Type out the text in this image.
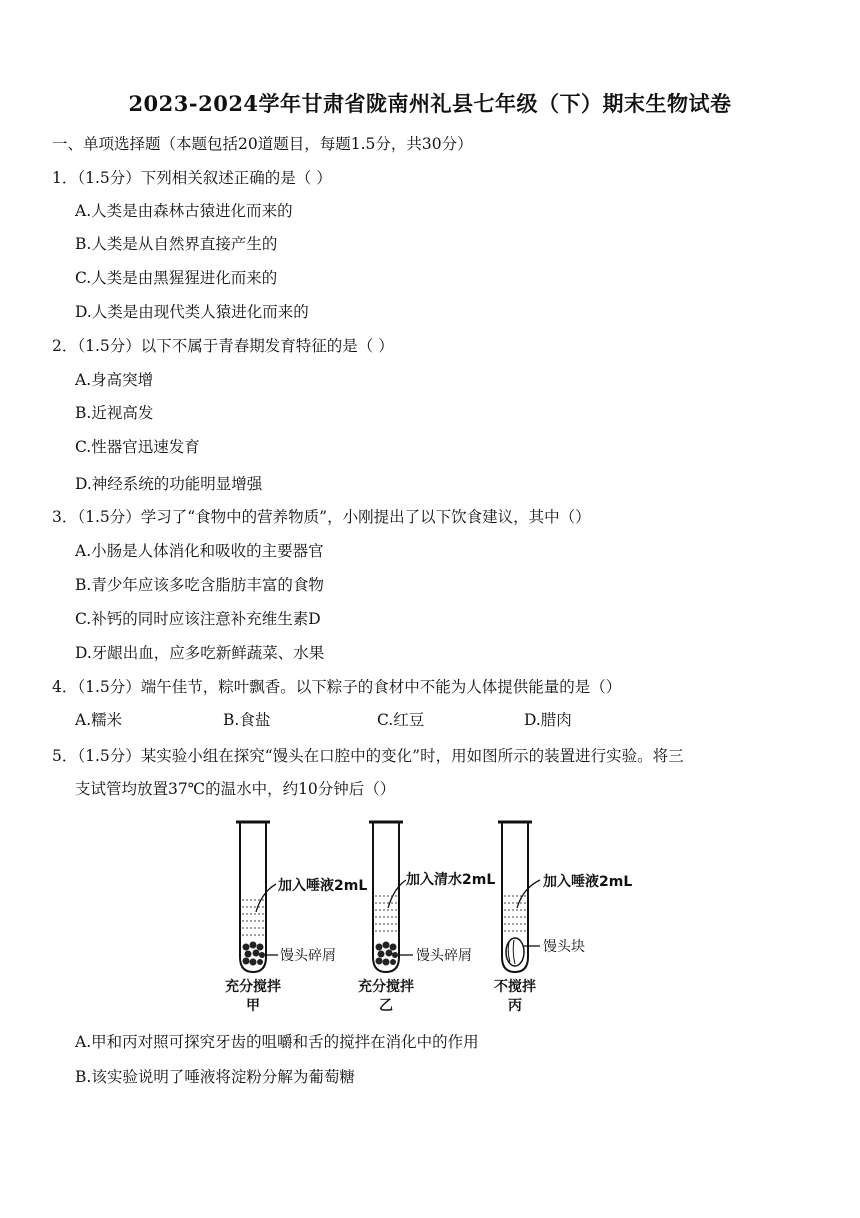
2023-2024学年甘肃省陇南州礼县七年级（下）期末生物试卷
一、单项选择题（本题包括20道题目，每题1.5分，共30分）
1．（1.5分）下列相关叙述正确的是（ ）
A.人类是由森林古猿进化而来的
B.人类是从自然界直接产生的
C.人类是由黑猩猩进化而来的
D.人类是由现代类人猿进化而来的
2．（1.5分）以下不属于青春期发育特征的是（ ）
A.身高突增
B.近视高发
C.性器官迅速发育
D.神经系统的功能明显增强
3．（1.5分）学习了“食物中的营养物质”，小刚提出了以下饮食建议，其中（）
A.小肠是人体消化和吸收的主要器官
B.青少年应该多吃含脂肪丰富的食物
C.补钙的同时应该注意补充维生素D
D.牙龈出血，应多吃新鲜蔬菜、水果
4．（1.5分）端午佳节，粽叶飘香。以下粽子的食材中不能为人体提供能量的是（）
A.糯米	B.食盐	C.红豆	D.腊肉
5．（1.5分）某实验小组在探究“馒头在口腔中的变化”时，用如图所示的装置进行实验。将三
支试管均放置37℃的温水中，约10分钟后（）
加入唾液2mL
馒头碎屑
充分搅拌
甲
加入清水2mL
馒头碎屑
充分搅拌
乙
加入唾液2mL
馒头块
不搅拌
丙
A.甲和丙对照可探究牙齿的咀嚼和舌的搅拌在消化中的作用
B.该实验说明了唾液将淀粉分解为葡萄糖
